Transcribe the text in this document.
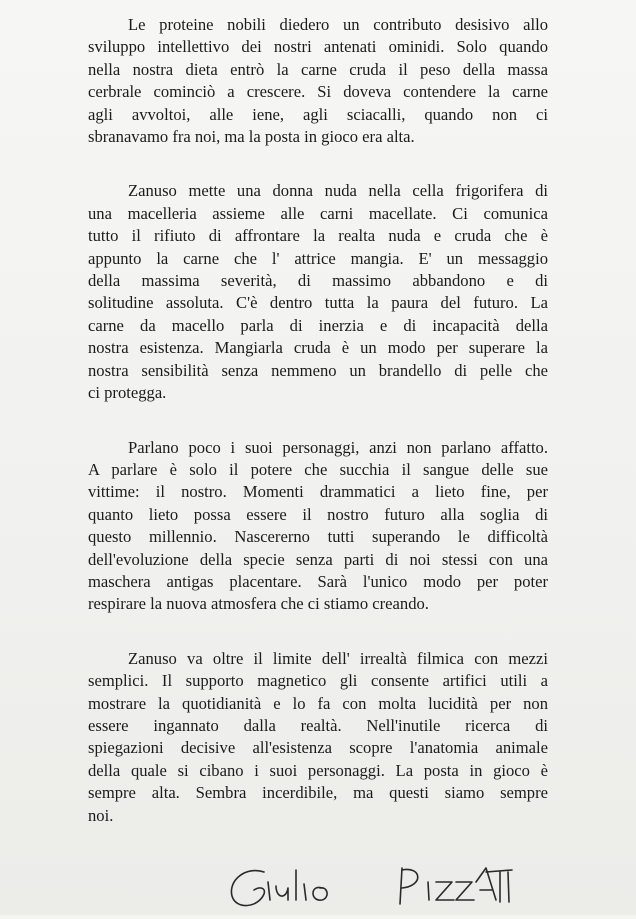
Le proteine nobili diedero un contributo desisivo allo
sviluppo intellettivo dei nostri antenati ominidi. Solo quando
nella nostra dieta entrò la carne cruda il peso della massa
cerbrale cominciò a crescere. Si doveva contendere la carne
agli avvoltoi, alle iene, agli sciacalli, quando non ci
sbranavamo fra noi, ma la posta in gioco era alta.

Zanuso mette una donna nuda nella cella frigorifera di
una macelleria assieme alle carni macellate. Ci comunica
tutto il rifiuto di affrontare la realta nuda e cruda che è
appunto la carne che l' attrice mangia. E' un messaggio
della massima severità, di massimo abbandono e di
solitudine assoluta. C'è dentro tutta la paura del futuro. La
carne da macello parla di inerzia e di incapacità della
nostra esistenza. Mangiarla cruda è un modo per superare la
nostra sensibilità senza nemmeno un brandello di pelle che
ci protegga.

Parlano poco i suoi personaggi, anzi non parlano affatto.
A parlare è solo il potere che succhia il sangue delle sue
vittime: il nostro. Momenti drammatici a lieto fine, per
quanto lieto possa essere il nostro futuro alla soglia di
questo millennio. Nascererno tutti superando le difficoltà
dell'evoluzione della specie senza parti di noi stessi con una
maschera antigas placentare. Sarà l'unico modo per poter
respirare la nuova atmosfera che ci stiamo creando.

Zanuso va oltre il limite dell' irrealtà filmica con mezzi
semplici. Il supporto magnetico gli consente artifici utili a
mostrare la quotidianità e lo fa con molta lucidità per non
essere ingannato dalla realtà. Nell'inutile ricerca di
spiegazioni decisive all'esistenza scopre l'anatomia animale
della quale si cibano i suoi personaggi. La posta in gioco è
sempre alta. Sembra incerdibile, ma questi siamo sempre
noi.
